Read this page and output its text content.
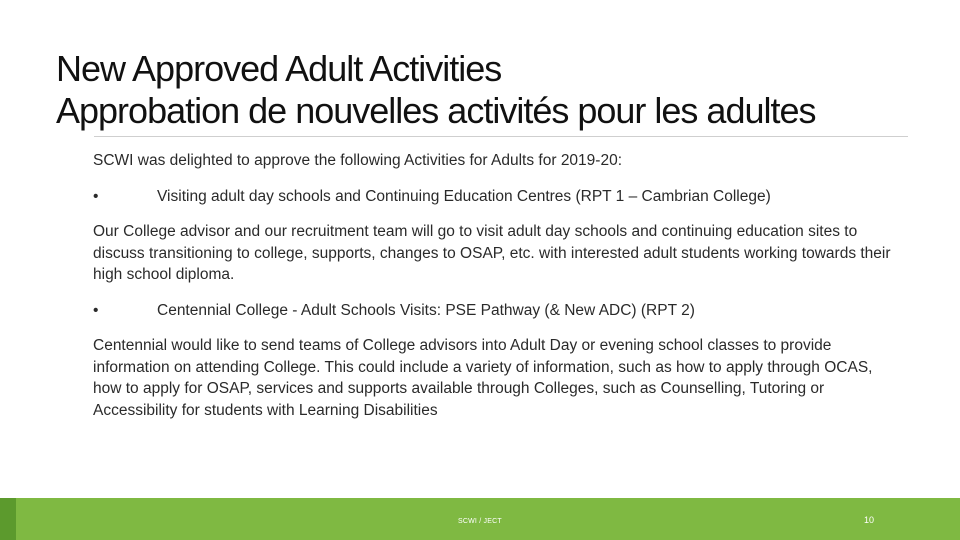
New Approved Adult Activities
Approbation de nouvelles activités pour les adultes

SCWI was delighted to approve the following Activities for Adults for 2019-20:

•	Visiting adult day schools and Continuing Education Centres (RPT 1 – Cambrian College)

Our College advisor and our recruitment team will go to visit adult day schools and continuing education sites to discuss transitioning to college, supports, changes to OSAP, etc. with interested adult students working towards their high school diploma.

•	Centennial College - Adult Schools Visits: PSE Pathway (& New ADC) (RPT 2)

Centennial would like to send teams of College advisors into Adult Day or evening school classes to provide information on attending College. This could include a variety of information, such as how to apply through OCAS, how to apply for OSAP, services and supports available through Colleges, such as Counselling, Tutoring or Accessibility for students with Learning Disabilities

SCWI / JECT	10
